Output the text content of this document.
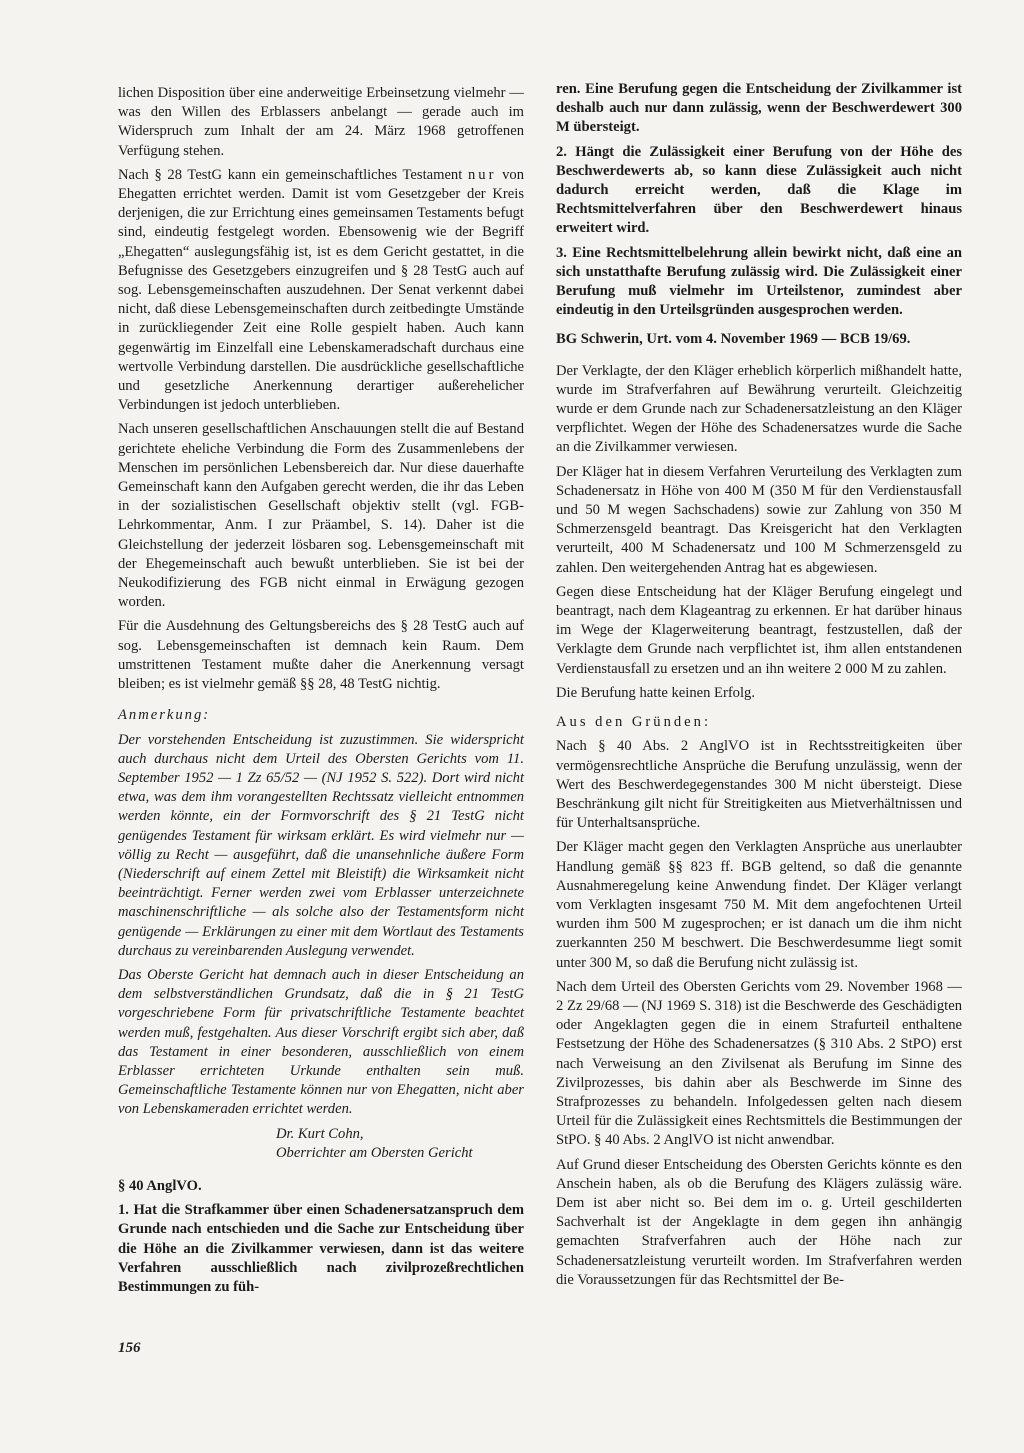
lichen Disposition über eine anderweitige Erbeinsetzung vielmehr — was den Willen des Erblassers anbelangt — gerade auch im Widerspruch zum Inhalt der am 24. März 1968 getroffenen Verfügung stehen.

Nach § 28 TestG kann ein gemeinschaftliches Testament nur von Ehegatten errichtet werden. Damit ist vom Gesetzgeber der Kreis derjenigen, die zur Errichtung eines gemeinsamen Testaments befugt sind, eindeutig festgelegt worden. Ebensowenig wie der Begriff „Ehegatten“ auslegungsfähig ist, ist es dem Gericht gestattet, in die Befugnisse des Gesetzgebers einzugreifen und § 28 TestG auch auf sog. Lebensgemeinschaften auszudehnen. Der Senat verkennt dabei nicht, daß diese Lebensgemeinschaften durch zeitbedingte Umstände in zurückliegender Zeit eine Rolle gespielt haben. Auch kann gegenwärtig im Einzelfall eine Lebenskameradschaft durchaus eine wertvolle Verbindung darstellen. Die ausdrückliche gesellschaftliche und gesetzliche Anerkennung derartiger außerehelicher Verbindungen ist jedoch unterblieben.

Nach unseren gesellschaftlichen Anschauungen stellt die auf Bestand gerichtete eheliche Verbindung die Form des Zusammenlebens der Menschen im persönlichen Lebensbereich dar. Nur diese dauerhafte Gemeinschaft kann den Aufgaben gerecht werden, die ihr das Leben in der sozialistischen Gesellschaft objektiv stellt (vgl. FGB-Lehrkommentar, Anm. I zur Präambel, S. 14). Daher ist die Gleichstellung der jederzeit lösbaren sog. Lebensgemeinschaft mit der Ehegemeinschaft auch bewußt unterblieben. Sie ist bei der Neukodifizierung des FGB nicht einmal in Erwägung gezogen worden.

Für die Ausdehnung des Geltungsbereichs des § 28 TestG auch auf sog. Lebensgemeinschaften ist demnach kein Raum. Dem umstrittenen Testament mußte daher die Anerkennung versagt bleiben; es ist vielmehr gemäß §§ 28, 48 TestG nichtig.

Anmerkung:

Der vorstehenden Entscheidung ist zuzustimmen. Sie widerspricht auch durchaus nicht dem Urteil des Obersten Gerichts vom 11. September 1952 — 1 Zz 65/52 — (NJ 1952 S. 522). Dort wird nicht etwa, was dem ihm vorangestellten Rechtssatz vielleicht entnommen werden könnte, ein der Formvorschrift des § 21 TestG nicht genügendes Testament für wirksam erklärt. Es wird vielmehr nur — völlig zu Recht — ausgeführt, daß die unansehnliche äußere Form (Niederschrift auf einem Zettel mit Bleistift) die Wirksamkeit nicht beeinträchtigt. Ferner werden zwei vom Erblasser unterzeichnete maschinenschriftliche — als solche also der Testamentsform nicht genügende — Erklärungen zu einer mit dem Wortlaut des Testaments durchaus zu vereinbarenden Auslegung verwendet.

Das Oberste Gericht hat demnach auch in dieser Entscheidung an dem selbstverständlichen Grundsatz, daß die in § 21 TestG vorgeschriebene Form für privatschriftliche Testamente beachtet werden muß, festgehalten. Aus dieser Vorschrift ergibt sich aber, daß das Testament in einer besonderen, ausschließlich von einem Erblasser errichteten Urkunde enthalten sein muß. Gemeinschaftliche Testamente können nur von Ehegatten, nicht aber von Lebenskameraden errichtet werden.

Dr. Kurt Cohn,

Oberrichter am Obersten Gericht

§ 40 AnglVO.

1. Hat die Strafkammer über einen Schadenersatzanspruch dem Grunde nach entschieden und die Sache zur Entscheidung über die Höhe an die Zivilkammer verwiesen, dann ist das weitere Verfahren ausschließlich nach zivilprozeßrechtlichen Bestimmungen zu füh-

ren. Eine Berufung gegen die Entscheidung der Zivilkammer ist deshalb auch nur dann zulässig, wenn der Beschwerdewert 300 M übersteigt.

2. Hängt die Zulässigkeit einer Berufung von der Höhe des Beschwerdewerts ab, so kann diese Zulässigkeit auch nicht dadurch erreicht werden, daß die Klage im Rechtsmittelverfahren über den Beschwerdewert hinaus erweitert wird.

3. Eine Rechtsmittelbelehrung allein bewirkt nicht, daß eine an sich unstatthafte Berufung zulässig wird. Die Zulässigkeit einer Berufung muß vielmehr im Urteilstenor, zumindest aber eindeutig in den Urteilsgründen ausgesprochen werden.

BG Schwerin, Urt. vom 4. November 1969 — BCB 19/69.

Der Verklagte, der den Kläger erheblich körperlich mißhandelt hatte, wurde im Strafverfahren auf Bewährung verurteilt. Gleichzeitig wurde er dem Grunde nach zur Schadenersatzleistung an den Kläger verpflichtet. Wegen der Höhe des Schadenersatzes wurde die Sache an die Zivilkammer verwiesen.

Der Kläger hat in diesem Verfahren Verurteilung des Verklagten zum Schadenersatz in Höhe von 400 M (350 M für den Verdienstausfall und 50 M wegen Sachschadens) sowie zur Zahlung von 350 M Schmerzensgeld beantragt. Das Kreisgericht hat den Verklagten verurteilt, 400 M Schadenersatz und 100 M Schmerzensgeld zu zahlen. Den weitergehenden Antrag hat es abgewiesen.

Gegen diese Entscheidung hat der Kläger Berufung eingelegt und beantragt, nach dem Klageantrag zu erkennen. Er hat darüber hinaus im Wege der Klagerweiterung beantragt, festzustellen, daß der Verklagte dem Grunde nach verpflichtet ist, ihm allen entstandenen Verdienstausfall zu ersetzen und an ihn weitere 2 000 M zu zahlen.

Die Berufung hatte keinen Erfolg.

Aus den Gründen:

Nach § 40 Abs. 2 AnglVO ist in Rechtsstreitigkeiten über vermögensrechtliche Ansprüche die Berufung unzulässig, wenn der Wert des Beschwerdegegenstandes 300 M nicht übersteigt. Diese Beschränkung gilt nicht für Streitigkeiten aus Mietverhältnissen und für Unterhaltsansprüche.

Der Kläger macht gegen den Verklagten Ansprüche aus unerlaubter Handlung gemäß §§ 823 ff. BGB geltend, so daß die genannte Ausnahmeregelung keine Anwendung findet. Der Kläger verlangt vom Verklagten insgesamt 750 M. Mit dem angefochtenen Urteil wurden ihm 500 M zugesprochen; er ist danach um die ihm nicht zuerkannten 250 M beschwert. Die Beschwerdesumme liegt somit unter 300 M, so daß die Berufung nicht zulässig ist.

Nach dem Urteil des Obersten Gerichts vom 29. November 1968 — 2 Zz 29/68 — (NJ 1969 S. 318) ist die Beschwerde des Geschädigten oder Angeklagten gegen die in einem Strafurteil enthaltene Festsetzung der Höhe des Schadenersatzes (§ 310 Abs. 2 StPO) erst nach Verweisung an den Zivilsenat als Berufung im Sinne des Zivilprozesses, bis dahin aber als Beschwerde im Sinne des Strafprozesses zu behandeln. Infolgedessen gelten nach diesem Urteil für die Zulässigkeit eines Rechtsmittels die Bestimmungen der StPO. § 40 Abs. 2 AnglVO ist nicht anwendbar.

Auf Grund dieser Entscheidung des Obersten Gerichts könnte es den Anschein haben, als ob die Berufung des Klägers zulässig wäre. Dem ist aber nicht so. Bei dem im o. g. Urteil geschilderten Sachverhalt ist der Angeklagte in dem gegen ihn anhängig gemachten Strafverfahren auch der Höhe nach zur Schadenersatzleistung verurteilt worden. Im Strafverfahren werden die Voraussetzungen für das Rechtsmittel der Be-

156
